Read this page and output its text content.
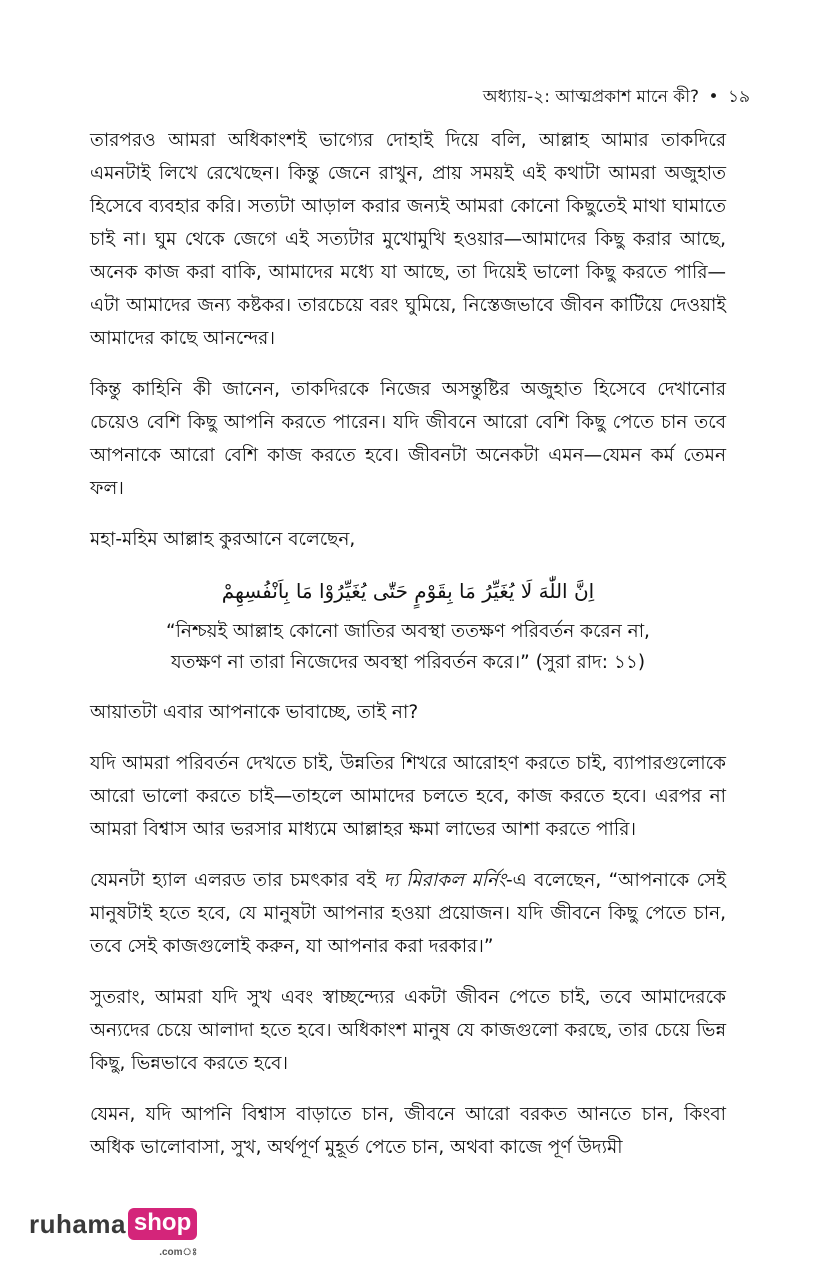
অধ্যায়-২: আত্মপ্রকাশ মানে কী? • ১৯

তারপরও আমরা অধিকাংশই ভাগ্যের দোহাই দিয়ে বলি, আল্লাহ আমার তাকদিরে এমনটাই লিখে রেখেছেন। কিন্তু জেনে রাখুন, প্রায় সময়ই এই কথাটা আমরা অজুহাত হিসেবে ব্যবহার করি। সত্যটা আড়াল করার জন্যই আমরা কোনো কিছুতেই মাথা ঘামাতে চাই না। ঘুম থেকে জেগে এই সত্যটার মুখোমুখি হওয়ার—আমাদের কিছু করার আছে, অনেক কাজ করা বাকি, আমাদের মধ্যে যা আছে, তা দিয়েই ভালো কিছু করতে পারি—এটা আমাদের জন্য কষ্টকর। তারচেয়ে বরং ঘুমিয়ে, নিস্তেজভাবে জীবন কাটিয়ে দেওয়াই আমাদের কাছে আনন্দের।

কিন্তু কাহিনি কী জানেন, তাকদিরকে নিজের অসন্তুষ্টির অজুহাত হিসেবে দেখানোর চেয়েও বেশি কিছু আপনি করতে পারেন। যদি জীবনে আরো বেশি কিছু পেতে চান তবে আপনাকে আরো বেশি কাজ করতে হবে। জীবনটা অনেকটা এমন—যেমন কর্ম তেমন ফল।

মহা-মহিম আল্লাহ কুরআনে বলেছেন,

اِنَّ اللّٰهَ لَا يُغَيِّرُ مَا بِقَوْمٍ حَتّٰى يُغَيِّرُوْا مَا بِاَنْفُسِهِمْ
“নিশ্চয়ই আল্লাহ কোনো জাতির অবস্থা ততক্ষণ পরিবর্তন করেন না,
যতক্ষণ না তারা নিজেদের অবস্থা পরিবর্তন করে।” (সুরা রাদ: ১১)

আয়াতটা এবার আপনাকে ভাবাচ্ছে, তাই না?

যদি আমরা পরিবর্তন দেখতে চাই, উন্নতির শিখরে আরোহণ করতে চাই, ব্যাপারগুলোকে আরো ভালো করতে চাই—তাহলে আমাদের চলতে হবে, কাজ করতে হবে। এরপর না আমরা বিশ্বাস আর ভরসার মাধ্যমে আল্লাহর ক্ষমা লাভের আশা করতে পারি।

যেমনটা হ্যাল এলরড তার চমৎকার বই দ্য মিরাকল মর্নিং-এ বলেছেন, “আপনাকে সেই মানুষটাই হতে হবে, যে মানুষটা আপনার হওয়া প্রয়োজন। যদি জীবনে কিছু পেতে চান, তবে সেই কাজগুলোই করুন, যা আপনার করা দরকার।”

সুতরাং, আমরা যদি সুখ এবং স্বাচ্ছন্দ্যের একটা জীবন পেতে চাই, তবে আমাদেরকে অন্যদের চেয়ে আলাদা হতে হবে। অধিকাংশ মানুষ যে কাজগুলো করছে, তার চেয়ে ভিন্ন কিছু, ভিন্নভাবে করতে হবে।

যেমন, যদি আপনি বিশ্বাস বাড়াতে চান, জীবনে আরো বরকত আনতে চান, কিংবা অধিক ভালোবাসা, সুখ, অর্থপূর্ণ মুহূর্ত পেতে চান, অথবা কাজে পূর্ণ উদ্যমী

ruhama shop
.comঃ
